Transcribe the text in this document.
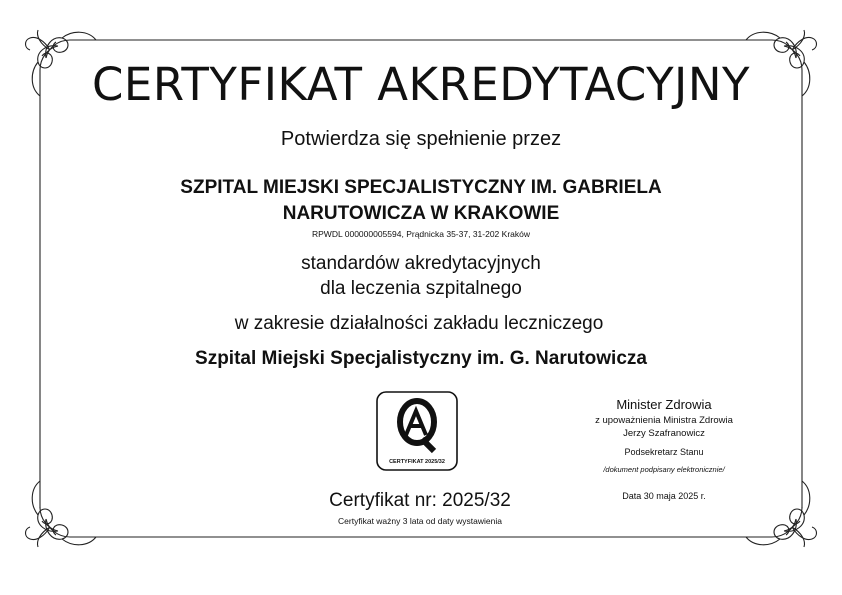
CERTYFIKAT AKREDYTACYJNY
Potwierdza się spełnienie przez
SZPITAL MIEJSKI SPECJALISTYCZNY IM. GABRIELA
NARUTOWICZA W KRAKOWIE
RPWDL 000000005594, Prądnicka 35-37, 31-202 Kraków
standardów akredytacyjnych
dla leczenia szpitalnego
w zakresie działalności zakładu leczniczego
Szpital Miejski Specjalistyczny im. G. Narutowicza
CERTYFIKAT 2025/32
Minister Zdrowia
z upoważnienia Ministra Zdrowia
Jerzy Szafranowicz
Podsekretarz Stanu
/dokument podpisany elektronicznie/
Data 30 maja 2025 r.
Certyfikat nr: 2025/32
Certyfikat ważny 3 lata od daty wystawienia
